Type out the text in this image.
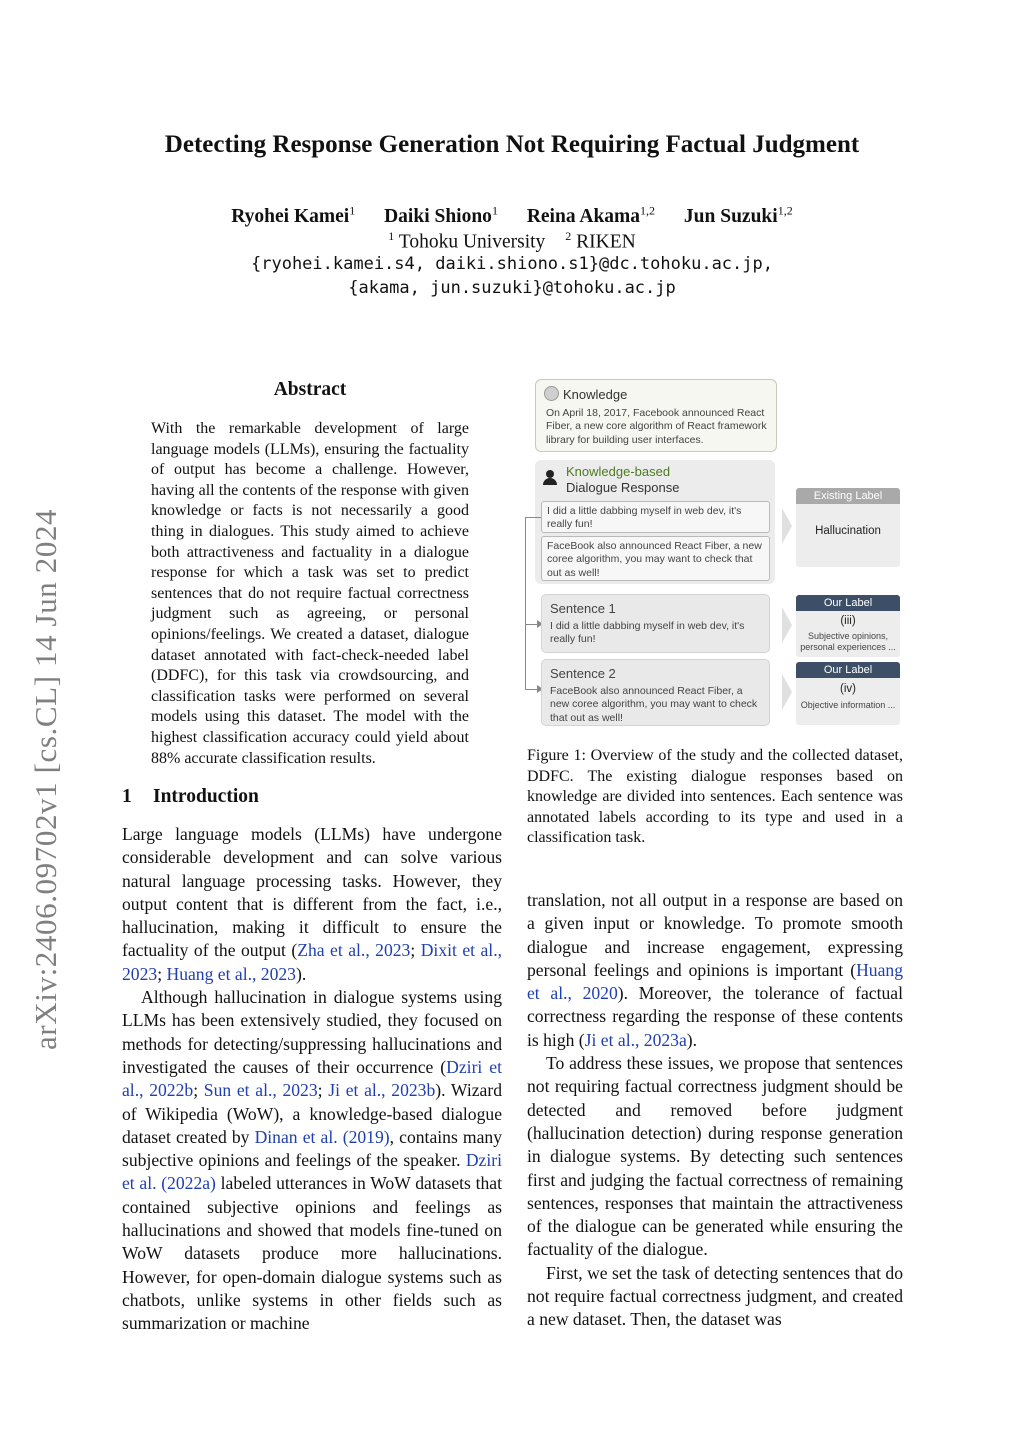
arXiv:2406.09702v1 [cs.CL] 14 Jun 2024
Detecting Response Generation Not Requiring Factual Judgment
Ryohei Kamei$^1$ Daiki Shiono$^1$ Reina Akama$^{1,2}$ Jun Suzuki$^{1,2}$
$^1$ Tohoku University $^2$ RIKEN
{ryohei.kamei.s4, daiki.shiono.s1}@dc.tohoku.ac.jp,
{akama, jun.suzuki}@tohoku.ac.jp
Abstract
With the remarkable development of large language models (LLMs), ensuring the factuality of output has become a challenge. However, having all the contents of the response with given knowledge or facts is not necessarily a good thing in dialogues. This study aimed to achieve both attractiveness and factuality in a dialogue response for which a task was set to predict sentences that do not require factual correctness judgment such as agreeing, or personal opinions/feelings. We created a dataset, dialogue dataset annotated with fact-check-needed label (DDFC), for this task via crowdsourcing, and classification tasks were performed on several models using this dataset. The model with the highest classification accuracy could yield about 88% accurate classification results.
1 Introduction

Large language models (LLMs) have undergone considerable development and can solve various natural language processing tasks. However, they output content that is different from the fact, i.e., hallucination, making it difficult to ensure the factuality of the output (Zha et al., 2023; Dixit et al., 2023; Huang et al., 2023).

Although hallucination in dialogue systems using LLMs has been extensively studied, they focused on methods for detecting/suppressing hallucinations and investigated the causes of their occurrence (Dziri et al., 2022b; Sun et al., 2023; Ji et al., 2023b). Wizard of Wikipedia (WoW), a knowledge-based dialogue dataset created by Dinan et al. (2019), contains many subjective opinions and feelings of the speaker. Dziri et al. (2022a) labeled utterances in WoW datasets that contained subjective opinions and feelings as hallucinations and showed that models fine-tuned on WoW datasets produce more hallucinations. However, for open-domain dialogue systems such as chatbots, unlike systems in other fields such as summarization or machine

Knowledge
On April 18, 2017, Facebook announced React Fiber, a new core algorithm of React framework library for building user interfaces.
Knowledge-based
Dialogue Response
I did a little dabbing myself in web dev, it's really fun!
FaceBook also announced React Fiber, a new coree algorithm, you may want to check that out as well!
Sentence 1
I did a little dabbing myself in web dev, it's really fun!
Sentence 2
FaceBook also announced React Fiber, a new coree algorithm, you may want to check that out as well!
Existing Label
Hallucination
Our Label
(iii)
Subjective opinions, personal experiences ...
Our Label
(iv)
Objective information ...
Figure 1: Overview of the study and the collected dataset, DDFC. The existing dialogue responses based on knowledge are divided into sentences. Each sentence was annotated labels according to its type and used in a classification task.

translation, not all output in a response are based on a given input or knowledge. To promote smooth dialogue and increase engagement, expressing personal feelings and opinions is important (Huang et al., 2020). Moreover, the tolerance of factual correctness regarding the response of these contents is high (Ji et al., 2023a).

To address these issues, we propose that sentences not requiring factual correctness judgment should be detected and removed before judgment (hallucination detection) during response generation in dialogue systems. By detecting such sentences first and judging the factual correctness of remaining sentences, responses that maintain the attractiveness of the dialogue can be generated while ensuring the factuality of the dialogue.

First, we set the task of detecting sentences that do not require factual correctness judgment, and created a new dataset. Then, the dataset was
